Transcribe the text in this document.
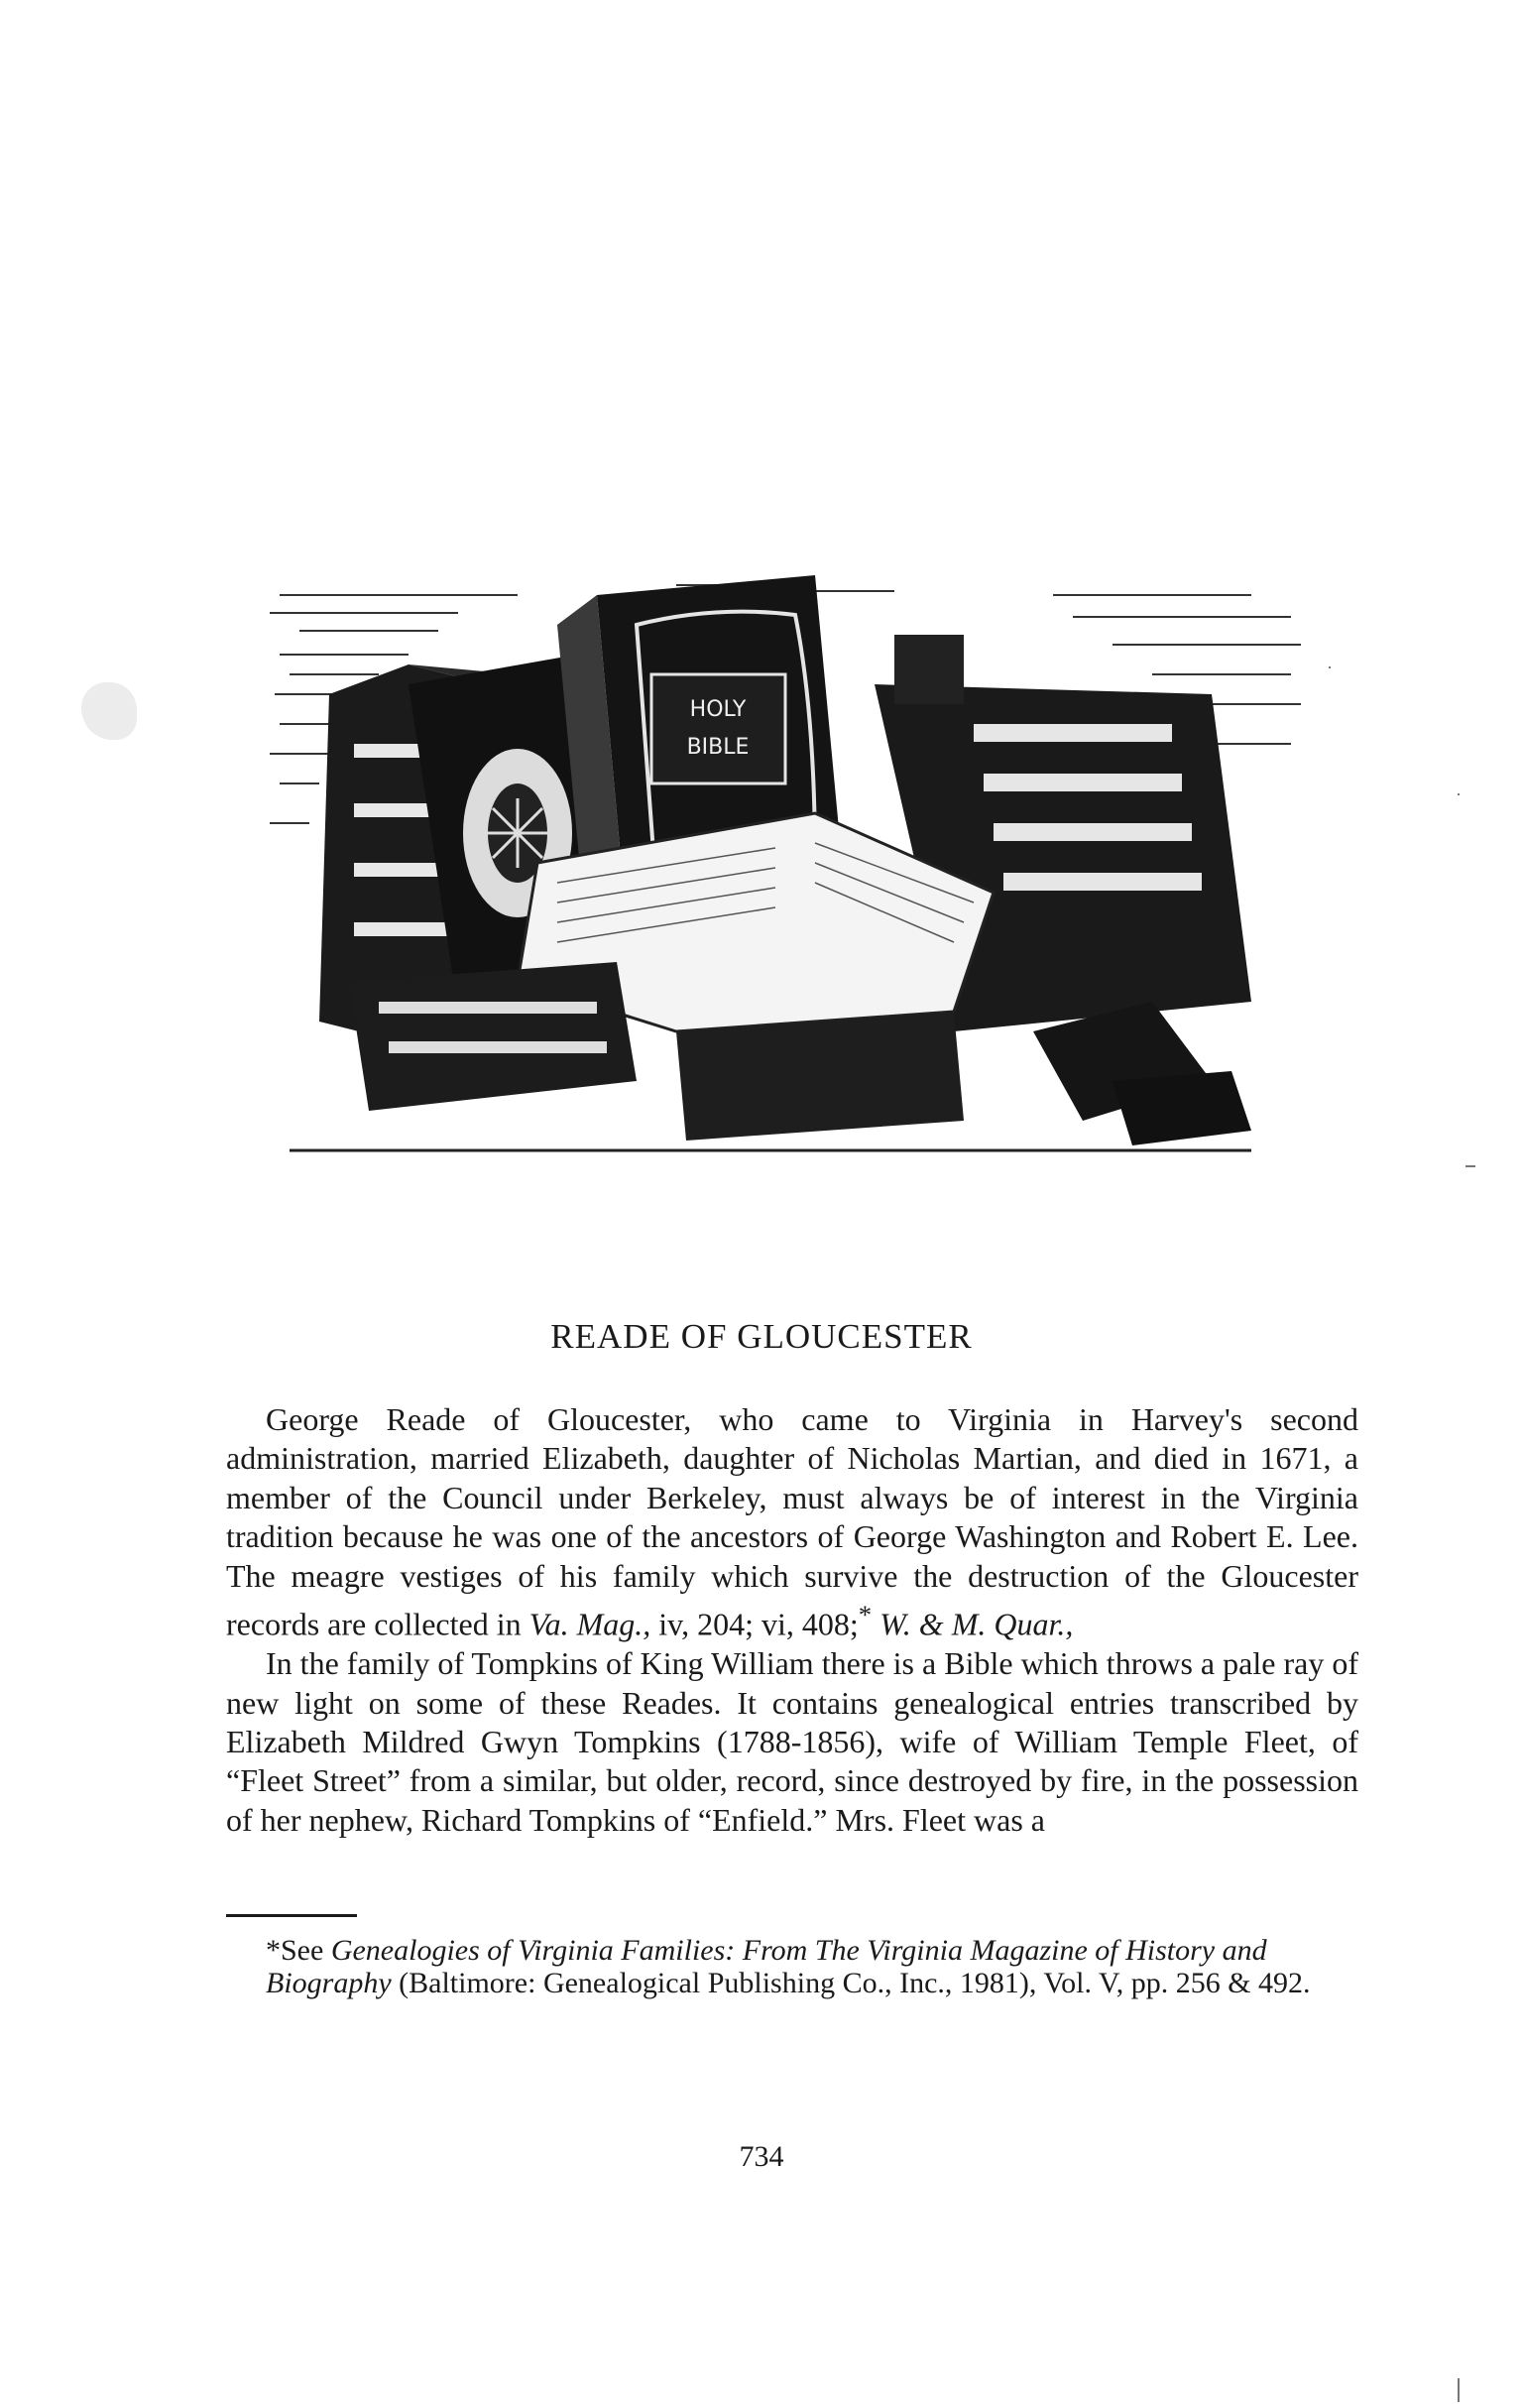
HOLY
BIBLE
READE OF GLOUCESTER

George Reade of Gloucester, who came to Virginia in Harvey's second administration, married Elizabeth, daughter of Nicholas Martian, and died in 1671, a member of the Council under Berkeley, must always be of interest in the Virginia tradition because he was one of the ancestors of George Washington and Robert E. Lee. The meagre vestiges of his family which survive the destruction of the Gloucester records are collected in Va. Mag., iv, 204; vi, 408;* W. & M. Quar.,

In the family of Tompkins of King William there is a Bible which throws a pale ray of new light on some of these Reades. It contains genealogical entries transcribed by Elizabeth Mildred Gwyn Tompkins (1788-1856), wife of William Temple Fleet, of “Fleet Street” from a similar, but older, record, since destroyed by fire, in the possession of her nephew, Richard Tompkins of “Enfield.” Mrs. Fleet was a

*See Genealogies of Virginia Families: From The Virginia Magazine of History and Biography (Baltimore: Genealogical Publishing Co., Inc., 1981), Vol. V, pp. 256 & 492.
734
